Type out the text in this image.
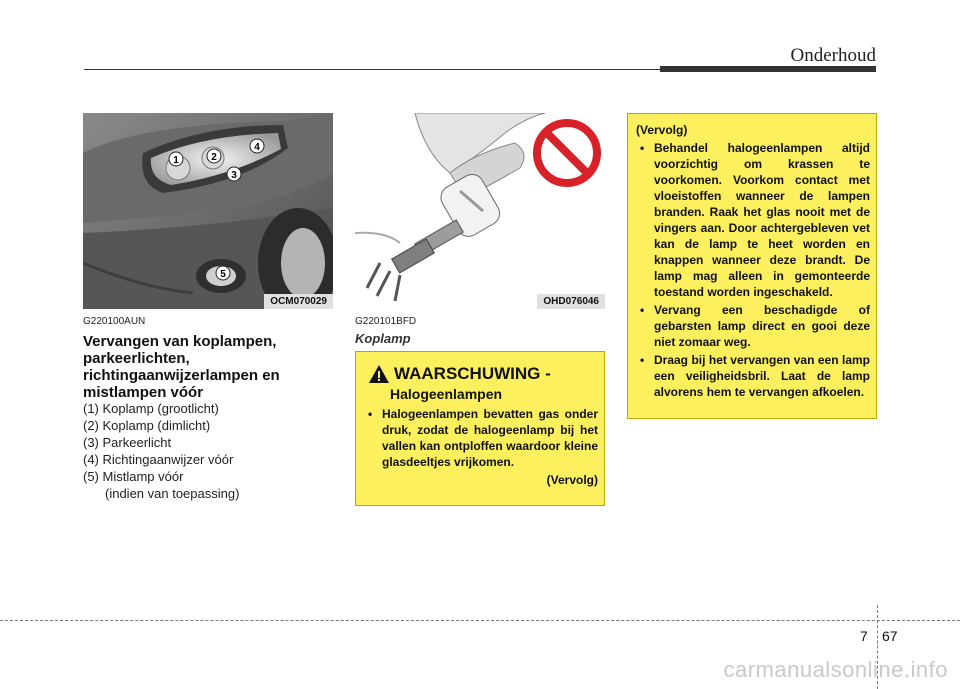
Onderhoud
1	2
3
4
5
OCM070029
G220100AUN
Vervangen van koplampen,
parkeerlichten,
richtingaanwijzerlampen en
mistlampen vóór
(1) Koplamp (grootlicht)
(2) Koplamp (dimlicht)
(3) Parkeerlicht
(4) Richtingaanwijzer vóór
(5) Mistlamp vóór
(indien van toepassing)
OHD076046
G220101BFD
Koplamp
WAARSCHUWING -
Halogeenlampen
• Halogeenlampen bevatten gas onder druk, zodat de halogeenlamp bij het vallen kan ontploffen waardoor kleine glasdeeltjes vrijkomen.
(Vervolg)
(Vervolg)
• Behandel halogeenlampen altijd voorzichtig om krassen te voorkomen. Voorkom contact met vloeistoffen wanneer de lampen branden. Raak het glas nooit met de vingers aan. Door achtergebleven vet kan de lamp te heet worden en knappen wanneer deze brandt. De lamp mag alleen in gemonteerde toestand worden ingeschakeld.
• Vervang een beschadigde of gebarsten lamp direct en gooi deze niet zomaar weg.
• Draag bij het vervangen van een lamp een veiligheidsbril. Laat de lamp alvorens hem te vervangen afkoelen.
7 67
carmanualsonline.info
